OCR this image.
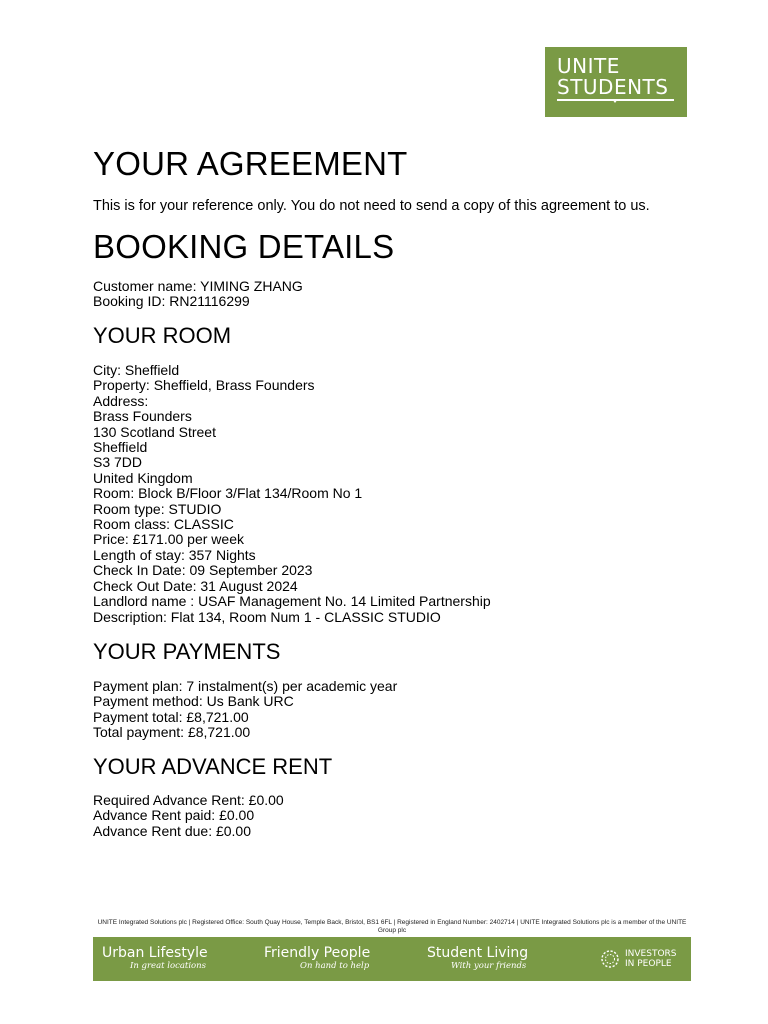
UNITE
STUDENTS
YOUR AGREEMENT

This is for your reference only. You do not need to send a copy of this agreement to us.

BOOKING DETAILS
Customer name: YIMING ZHANG
Booking ID: RN21116299
YOUR ROOM
City: Sheffield
Property: Sheffield, Brass Founders
Address:
Brass Founders
130 Scotland Street
Sheffield
S3 7DD
United Kingdom
Room: Block B/Floor 3/Flat 134/Room No 1
Room type: STUDIO
Room class: CLASSIC
Price: £171.00 per week
Length of stay: 357 Nights
Check In Date: 09 September 2023
Check Out Date: 31 August 2024
Landlord name : USAF Management No. 14 Limited Partnership
Description: Flat 134, Room Num 1 - CLASSIC STUDIO
YOUR PAYMENTS
Payment plan: 7 instalment(s) per academic year
Payment method: Us Bank URC
Payment total: £8,721.00
Total payment: £8,721.00
YOUR ADVANCE RENT
Required Advance Rent: £0.00
Advance Rent paid: £0.00
Advance Rent due: £0.00
UNITE Integrated Solutions plc | Registered Office: South Quay House, Temple Back, Bristol, BS1 6FL | Registered in England Number: 2402714 | UNITE Integrated Solutions plc is a member of the UNITE Group plc
Urban Lifestyle
In great locations
Friendly People
On hand to help
Student Living
With your friends
INVESTORS
IN PEOPLE
